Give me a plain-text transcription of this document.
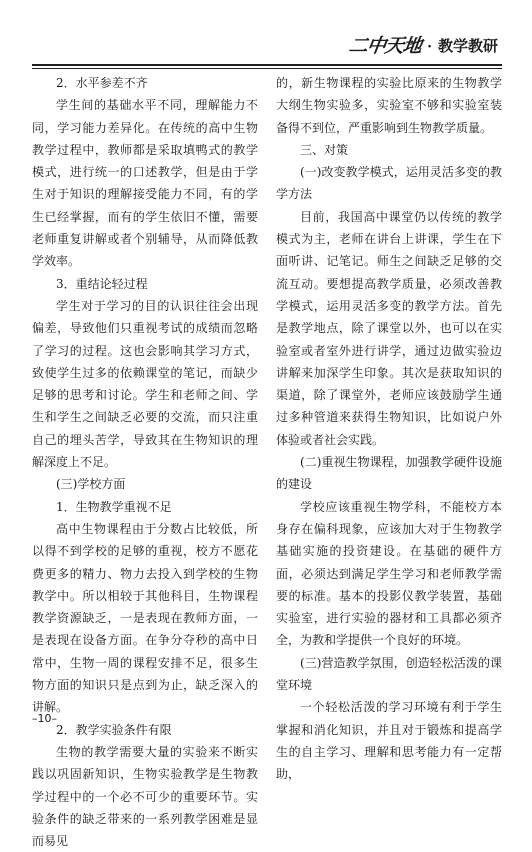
二中天地 · 教学教研

2．水平参差不齐

学生间的基础水平不同，理解能力不同，学习能力差异化。在传统的高中生物教学过程中，教师都是采取填鸭式的教学模式，进行统一的口述教学，但是由于学生对于知识的理解接受能力不同，有的学生已经掌握，而有的学生依旧不懂，需要老师重复讲解或者个别辅导，从而降低教学效率。

3．重结论轻过程

学生对于学习的目的认识往往会出现偏差，导致他们只重视考试的成绩而忽略了学习的过程。这也会影响其学习方式，致使学生过多的依赖课堂的笔记，而缺少足够的思考和讨论。学生和老师之间、学生和学生之间缺乏必要的交流，而只注重自己的埋头苦学，导致其在生物知识的理解深度上不足。

(三)学校方面

1．生物教学重视不足

高中生物课程由于分数占比较低，所以得不到学校的足够的重视，校方不愿花费更多的精力、物力去投入到学校的生物教学中。所以相较于其他科目，生物课程教学资源缺乏，一是表现在教师方面，一是表现在设备方面。在争分夺秒的高中日常中，生物一周的课程安排不足，很多生物方面的知识只是点到为止，缺乏深入的讲解。

2．教学实验条件有限

生物的教学需要大量的实验来不断实践以巩固新知识，生物实验教学是生物教学过程中的一个必不可少的重要环节。实验条件的缺乏带来的一系列教学困难是显而易见

的，新生物课程的实验比原来的生物教学大纲生物实验多，实验室不够和实验室装备得不到位，严重影响到生物教学质量。

三、对策

(一)改变教学模式，运用灵活多变的教学方法

目前，我国高中课堂仍以传统的教学模式为主，老师在讲台上讲课，学生在下面听讲、记笔记。师生之间缺乏足够的交流互动。要想提高教学质量，必须改善教学模式，运用灵活多变的教学方法。首先是教学地点，除了课堂以外，也可以在实验室或者室外进行讲学，通过边做实验边讲解来加深学生印象。其次是获取知识的渠道，除了课堂外，老师应该鼓励学生通过多种管道来获得生物知识，比如说户外体验或者社会实践。

(二)重视生物课程，加强教学硬件设施的建设

学校应该重视生物学科，不能校方本身存在偏科现象，应该加大对于生物教学基础实施的投资建设。在基础的硬件方面，必须达到满足学生学习和老师教学需要的标准。基本的投影仪教学装置，基础实验室，进行实验的器材和工具都必须齐全，为教和学提供一个良好的环境。

(三)营造教学氛围，创造轻松活泼的课堂环境

一个轻松活泼的学习环境有利于学生掌握和消化知识，并且对于锻炼和提高学生的自主学习、理解和思考能力有一定帮助，

–10–
